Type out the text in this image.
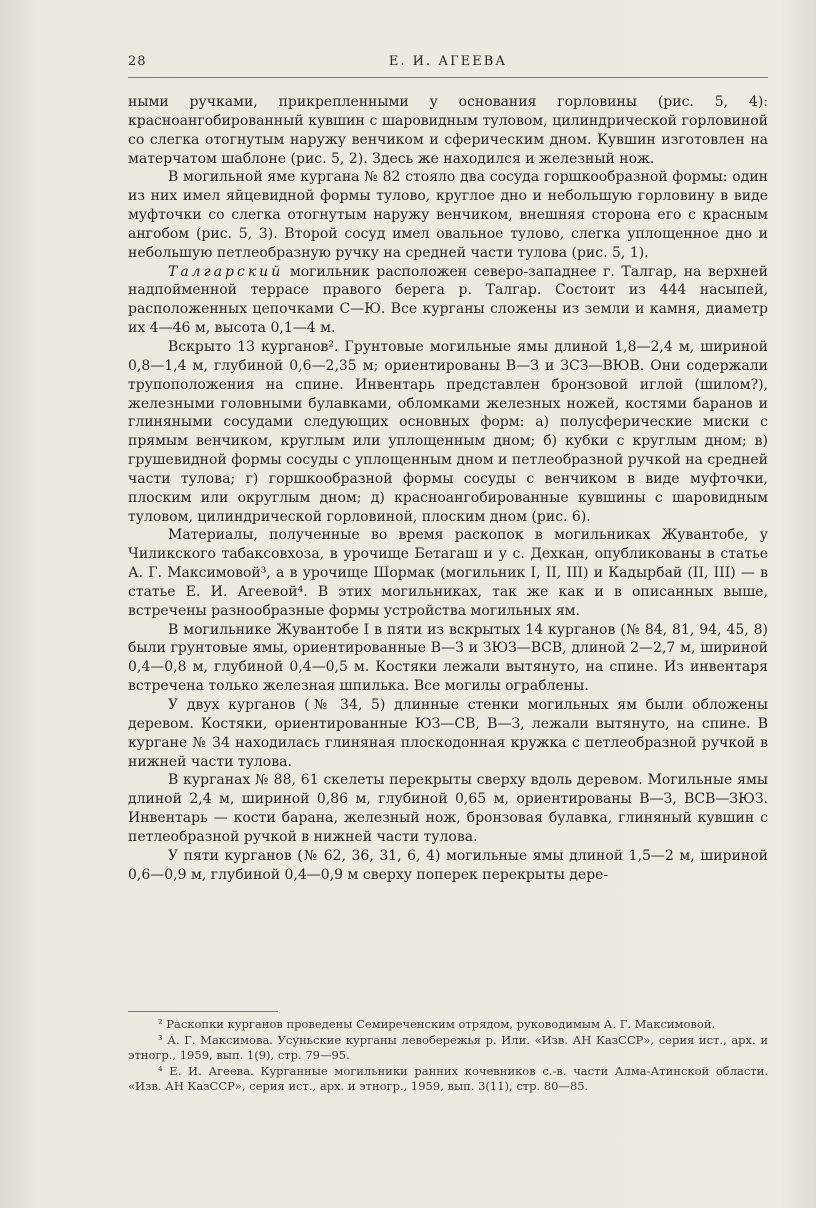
28	Е. И. АГЕЕВА

ными ручками, прикрепленными у основания горловины (рис. 5, 4): красноангобированный кувшин с шаровидным туловом, цилиндрической горловиной со слегка отогнутым наружу венчиком и сферическим дном. Кувшин изготовлен на матерчатом шаблоне (рис. 5, 2). Здесь же находился и железный нож.

В могильной яме кургана № 82 стояло два сосуда горшкообразной формы: один из них имел яйцевидной формы тулово, круглое дно и небольшую горловину в виде муфточки со слегка отогнутым наружу венчиком, внешняя сторона его с красным ангобом (рис. 5, 3). Второй сосуд имел овальное тулово, слегка уплощенное дно и небольшую петлеобразную ручку на средней части тулова (рис. 5, 1).

Талгарский могильник расположен северо-западнее г. Талгар, на верхней надпойменной террасе правого берега р. Талгар. Состоит из 444 насыпей, расположенных цепочками С—Ю. Все курганы сложены из земли и камня, диаметр их 4—46 м, высота 0,1—4 м.

Вскрыто 13 курганов². Грунтовые могильные ямы длиной 1,8—2,4 м, шириной 0,8—1,4 м, глубиной 0,6—2,35 м; ориентированы В—З и ЗСЗ—ВЮВ. Они содержали трупоположения на спине. Инвентарь представлен бронзовой иглой (шилом?), железными головными булавками, обломками железных ножей, костями баранов и глиняными сосудами следующих основных форм: а) полусферические миски с прямым венчиком, круглым или уплощенным дном; б) кубки с круглым дном; в) грушевидной формы сосуды с уплощенным дном и петлеобразной ручкой на средней части тулова; г) горшкообразной формы сосуды с венчиком в виде муфточки, плоским или округлым дном; д) красноангобированные кувшины с шаровидным туловом, цилиндрической горловиной, плоским дном (рис. 6).

Материалы, полученные во время раскопок в могильниках Жувантобе, у Чиликского табаксовхоза, в урочище Бетагаш и у с. Дехкан, опубликованы в статье А. Г. Максимовой³, а в урочище Шормак (могильник I, II, III) и Кадырбай (II, III) — в статье Е. И. Агеевой⁴. В этих могильниках, так же как и в описанных выше, встречены разнообразные формы устройства могильных ям.

В могильнике Жувантобе I в пяти из вскрытых 14 курганов (№ 84, 81, 94, 45, 8) были грунтовые ямы, ориентированные В—З и ЗЮЗ—ВСВ, длиной 2—2,7 м, шириной 0,4—0,8 м, глубиной 0,4—0,5 м. Костяки лежали вытянуто, на спине. Из инвентаря встречена только железная шпилька. Все могилы ограблены.

У двух курганов (№ 34, 5) длинные стенки могильных ям были обложены деревом. Костяки, ориентированные ЮЗ—СВ, В—З, лежали вытянуто, на спине. В кургане № 34 находилась глиняная плоскодонная кружка с петлеобразной ручкой в нижней части тулова.

В курганах № 88, 61 скелеты перекрыты сверху вдоль деревом. Могильные ямы длиной 2,4 м, шириной 0,86 м, глубиной 0,65 м, ориентированы В—З, ВСВ—ЗЮЗ. Инвентарь — кости барана, железный нож, бронзовая булавка, глиняный кувшин с петлеобразной ручкой в нижней части тулова.

У пяти курганов (№ 62, 36, 31, 6, 4) могильные ямы длиной 1,5—2 м, шириной 0,6—0,9 м, глубиной 0,4—0,9 м сверху поперек перекрыты дере-

² Раскопки курганов проведены Семиреченским отрядом, руководимым А. Г. Максимовой.

³ А. Г. Максимова. Усуньские курганы левобережья р. Или. «Изв. АН КазССР», серия ист., арх. и этногр., 1959, вып. 1(9), стр. 79—95.

⁴ Е. И. Агеева. Курганные могильники ранних кочевников с.-в. части Алма-Атинской области. «Изв. АН КазССР», серия ист., арх. и этногр., 1959, вып. 3(11), стр. 80—85.
